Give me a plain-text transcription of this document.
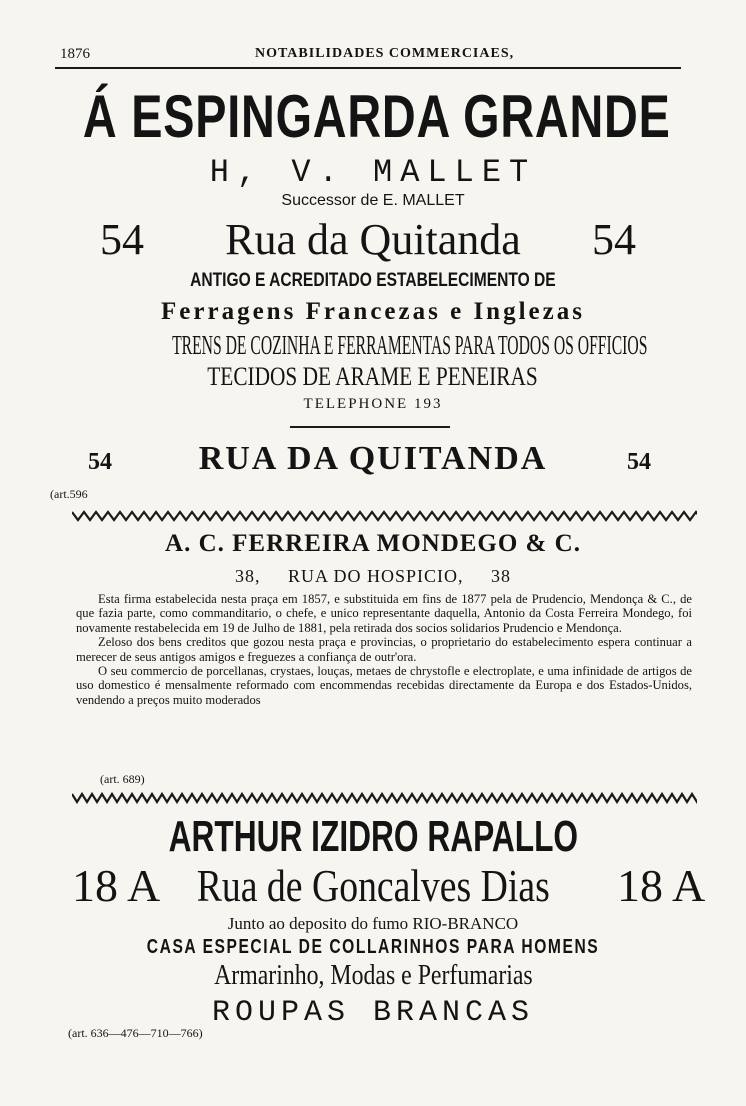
1876	NOTABILIDADES COMMERCIAES,
Á ESPINGARDA GRANDE
H, V. MALLET
Successor de E. MALLET
54	Rua da Quitanda	54
ANTIGO E ACREDITADO ESTABELECIMENTO DE
Ferragens Francezas e Inglezas
TRENS DE COZINHA E FERRAMENTAS PARA TODOS OS OFFICIOS
TECIDOS DE ARAME E PENEIRAS
TELEPHONE 193
54	RUA DA QUITANDA	54
(art.596
A. C. FERREIRA MONDEGO & C.
38,     RUA DO HOSPICIO,     38

Esta firma estabelecida nesta praça em 1857, e substituida em fins de 1877 pela de Prudencio, Mendonça & C., de que fazia parte, como commanditario, o chefe, e unico representante daquella, Antonio da Costa Ferreira Mondego, foi novamente restabelecida em 19 de Julho de 1881, pela retirada dos socios solidarios Prudencio e Mendonça.

Zeloso dos bens creditos que gozou nesta praça e provincias, o proprietario do estabelecimento espera continuar a merecer de seus antigos amigos e freguezes a confiança de outr'ora.

O seu commercio de porcellanas, crystaes, louças, metaes de chrystofle e electroplate, e uma infinidade de artigos de uso domestico é mensalmente reformado com encommendas recebidas directamente da Europa e dos Estados-Unidos, vendendo a preços muito moderados

(art. 689)
ARTHUR IZIDRO RAPALLO
18 A Rua de Goncalves Dias	18 A
Junto ao deposito do fumo RIO-BRANCO
CASA ESPECIAL DE COLLARINHOS PARA HOMENS
Armarinho, Modas e Perfumarias
ROUPAS BRANCAS
(art. 636—476—710—766)
